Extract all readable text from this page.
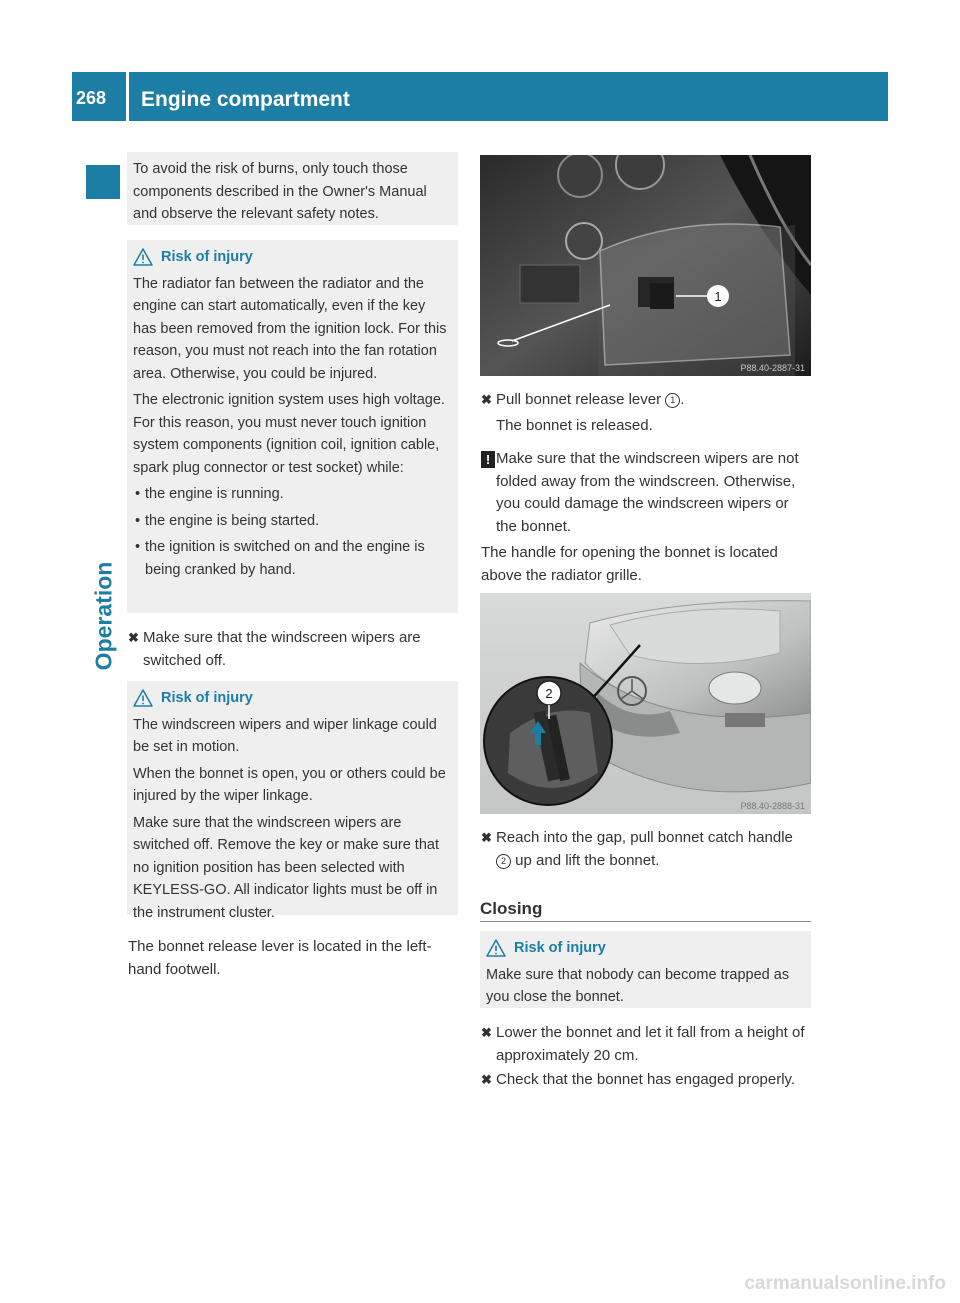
268	Engine compartment
Operation

To avoid the risk of burns, only touch those components described in the Owner's Manual and observe the relevant safety notes.

Risk of injury

The radiator fan between the radiator and the engine can start automatically, even if the key has been removed from the ignition lock. For this reason, you must not reach into the fan rotation area. Otherwise, you could be injured.

The electronic ignition system uses high voltage. For this reason, you must never touch ignition system components (ignition coil, ignition cable, spark plug connector or test socket) while:

• the engine is running.
• the engine is being started.
• the ignition is switched on and the engine is being cranked by hand.
✖ Make sure that the windscreen wipers are switched off.
Risk of injury

The windscreen wipers and wiper linkage could be set in motion.

When the bonnet is open, you or others could be injured by the wiper linkage.

Make sure that the windscreen wipers are switched off. Remove the key or make sure that no ignition position has been selected with KEYLESS-GO. All indicator lights must be off in the instrument cluster.

The bonnet release lever is located in the left-hand footwell.

1
P88.40-2887-31
✖ Pull bonnet release lever 1 .

The bonnet is released.

! Make sure that the windscreen wipers are not folded away from the windscreen. Otherwise, you could damage the windscreen wipers or the bonnet.

The handle for opening the bonnet is located above the radiator grille.

2
P88.40-2888-31
✖ Reach into the gap, pull bonnet catch handle 2 up and lift the bonnet.
Closing
Risk of injury

Make sure that nobody can become trapped as you close the bonnet.

✖ Lower the bonnet and let it fall from a height of approximately 20 cm.
✖ Check that the bonnet has engaged properly.
carmanualsonline.info
